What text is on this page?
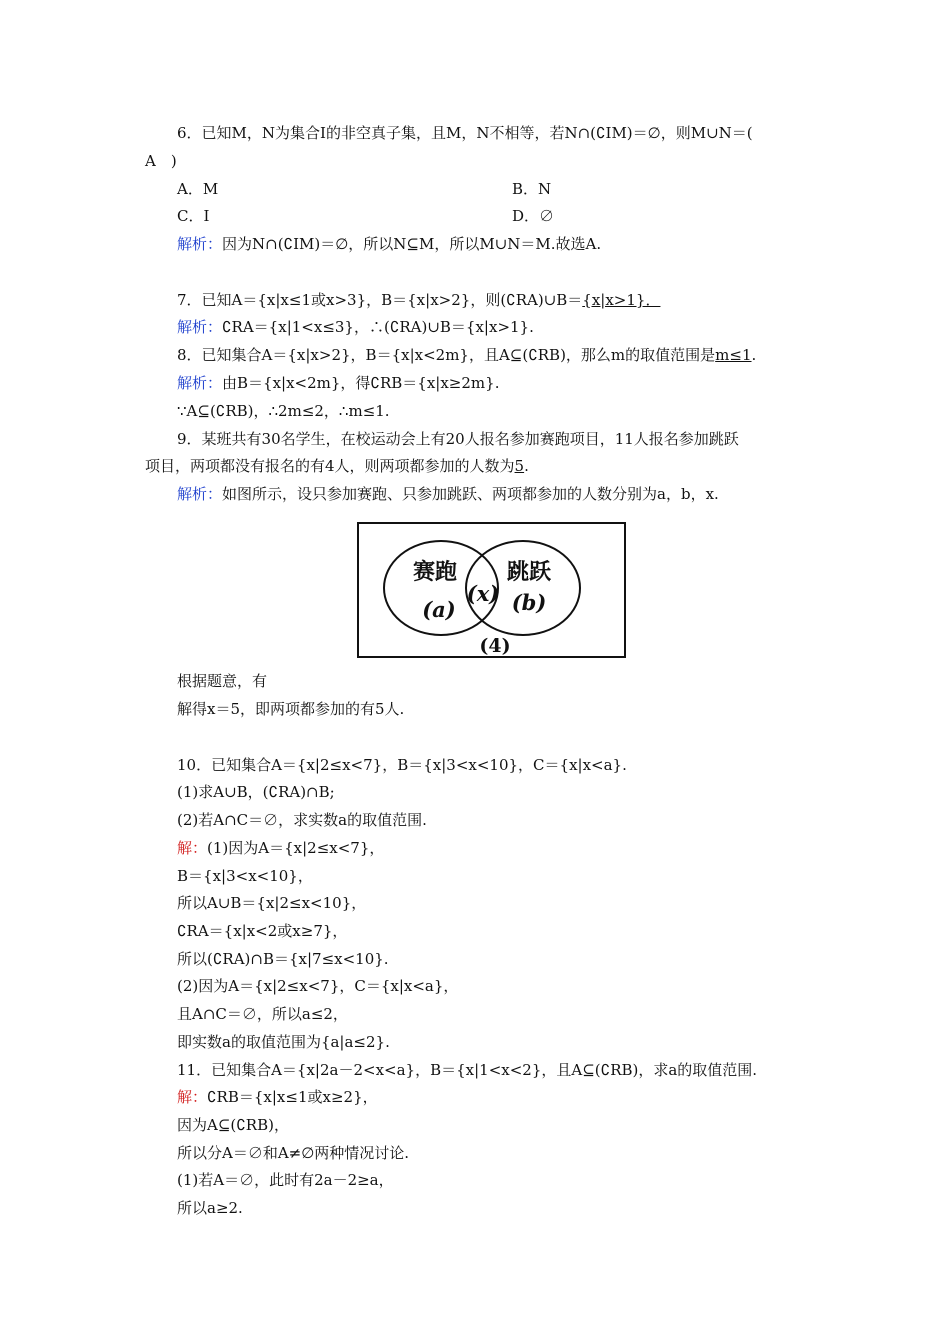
6．已知M，N为集合I的非空真子集，且M，N不相等，若N∩(∁IM)＝∅，则M∪N＝(
A　)
A．M	B．N
C．I	D．∅
解析：因为N∩(∁IM)＝∅，所以N⊆M，所以M∪N＝M.故选A.
7．已知A＝{x|x≤1或x>3}，B＝{x|x>2}，则(∁RA)∪B＝{x|x>1}．
解析：∁RA＝{x|1<x≤3}，∴(∁RA)∪B＝{x|x>1}.
8．已知集合A＝{x|x>2}，B＝{x|x<2m}，且A⊆(∁RB)，那么m的取值范围是m≤1.
解析：由B＝{x|x<2m}，得∁RB＝{x|x≥2m}.
∵A⊆(∁RB)，∴2m≤2，∴m≤1.
9．某班共有30名学生，在校运动会上有20人报名参加赛跑项目，11人报名参加跳跃
项目，两项都没有报名的有4人，则两项都参加的人数为5.
解析：如图所示，设只参加赛跑、只参加跳跃、两项都参加的人数分别为a，b，x.
赛跑 跳跃
(a)
(x) (b)
(4)
根据题意，有
解得x＝5，即两项都参加的有5人.
10．已知集合A＝{x|2≤x<7}，B＝{x|3<x<10}，C＝{x|x<a}.
(1)求A∪B，(∁RA)∩B;
(2)若A∩C＝∅，求实数a的取值范围.
解：(1)因为A＝{x|2≤x<7}，
B＝{x|3<x<10}，
所以A∪B＝{x|2≤x<10}，
∁RA＝{x|x<2或x≥7}，
所以(∁RA)∩B＝{x|7≤x<10}.
(2)因为A＝{x|2≤x<7}，C＝{x|x<a}，
且A∩C＝∅，所以a≤2，
即实数a的取值范围为{a|a≤2}.
11．已知集合A＝{x|2a－2<x<a}，B＝{x|1<x<2}，且A⊆(∁RB)，求a的取值范围.
解：∁RB＝{x|x≤1或x≥2}，
因为A⊆(∁RB)，
所以分A＝∅和A≠∅两种情况讨论.
(1)若A＝∅，此时有2a－2≥a，
所以a≥2.
